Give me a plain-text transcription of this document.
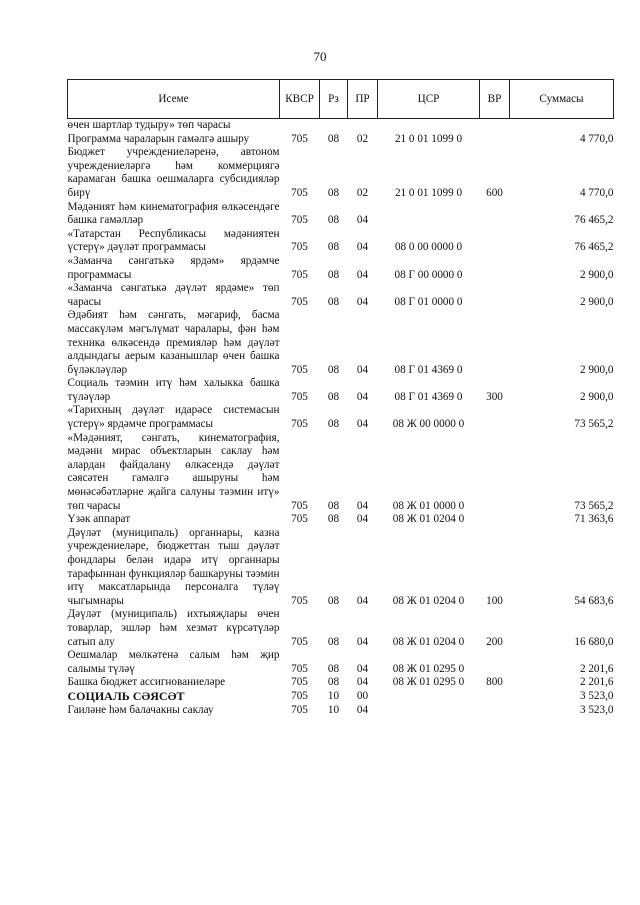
70
Исеме	КВСР	Рз	ПР	ЦСР	ВР	Суммасы
өчен шартлар тудыру» төп чарасы						
Программа чараларын гамәлгә ашыру	705	08	02	21 0 01 1099 0		4 770,0
Бюджет учреждениеләренә, автоном учреждениеләргә һәм коммерциягә карамаган башка оешмаларга субсидияләр бирү	705	08	02	21 0 01 1099 0	600	4 770,0
Мәдәният һәм кинематография өлкәсендәге башка гамәлләр	705	08	04			76 465,2
«Татарстан Республикасы мәдәниятен үстерү» дәүләт программасы	705	08	04	08 0 00 0000 0		76 465,2
«Заманча сәнгатькә ярдәм» ярдәмче программасы	705	08	04	08 Г 00 0000 0		2 900,0
«Заманча сәнгатькә дәүләт ярдәме» төп чарасы	705	08	04	08 Г 01 0000 0		2 900,0
Әдәбият һәм сәнгать, мәгариф, басма массакүләм мәгълүмат чаралары, фән һәм техника өлкәсендә премияләр һәм дәүләт алдындагы аерым казанышлар өчен башка бүләкләүләр	705	08	04	08 Г 01 4369 0		2 900,0
Социаль тәэмин итү һәм халыкка башка түләүләр	705	08	04	08 Г 01 4369 0	300	2 900,0
«Тарихның дәүләт идарәсе системасын үстерү» ярдәмче программасы	705	08	04	08 Ж 00 0000 0		73 565,2
«Мәдәният, сәнгать, кинематография, мәдәни мирас объектларын саклау һәм алардан файдалану өлкәсендә дәүләт сәясәтен гамәлгә ашыруны һәм мөнәсәбәтләрне җайга салуны тәэмин итү» төп чарасы	705	08	04	08 Ж 01 0000 0		73 565,2
Үзәк аппарат	705	08	04	08 Ж 01 0204 0		71 363,6
Дәүләт (муниципаль) органнары, казна учреждениеләре, бюджеттан тыш дәүләт фондлары белән идарә итү органнары тарафыннан функцияләр башкаруны тәэмин итү максатларында персоналга түләү чыгымнары	705	08	04	08 Ж 01 0204 0	100	54 683,6
Дәүләт (муниципаль) ихтыяҗлары өчен товарлар, эшләр һәм хезмәт күрсәтүләр сатып алу	705	08	04	08 Ж 01 0204 0	200	16 680,0
Оешмалар мөлкәтенә салым һәм җир салымы түләү	705	08	04	08 Ж 01 0295 0		2 201,6
Башка бюджет ассигнованиеләре	705	08	04	08 Ж 01 0295 0	800	2 201,6
СОЦИАЛЬ СӘЯСӘТ	705	10	00			3 523,0
Гаиләне һәм балачакны саклау	705	10	04			3 523,0
